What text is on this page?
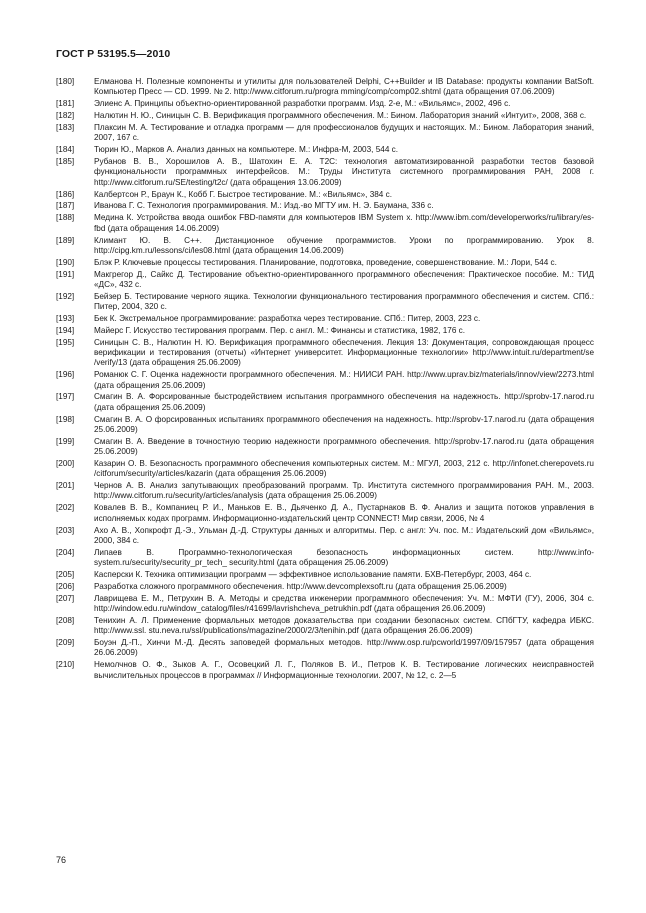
ГОСТ Р 53195.5—2010
[180]	Елманова Н. Полезные компоненты и утилиты для пользователей Delphi, C++Builder и IB Database: продукты компании BatSoft. Компьютер Пресс — CD. 1999. № 2. http://www.citforum.ru/progra mming/comp/comp02.shtml (дата обращения 07.06.2009)
[181]	Элиенс А. Принципы объектно-ориентированной разработки программ. Изд. 2-е, М.: «Вильямс», 2002, 496 с.
[182]	Налютин Н. Ю., Синицын С. В. Верификация программного обеспечения. М.: Бином. Лаборатория знаний «Интуит», 2008, 368 с.
[183]	Плаксин М. А. Тестирование и отладка программ — для профессионалов будущих и настоящих. М.: Бином. Лаборатория знаний, 2007, 167 с.
[184]	Тюрин Ю., Марков А. Анализ данных на компьютере. М.: Инфра-М, 2003, 544 с.
[185]	Рубанов В. В., Хорошилов А. В., Шатохин Е. А. T2C: технология автоматизированной разработки тестов базовой функциональности программных интерфейсов. М.: Труды Института системного программирования РАН, 2008 г. http://www.citforum.ru/SE/testing/t2c/ (дата обращения 13.06.2009)
[186]	Калбертсон Р., Браун К., Кобб Г. Быстрое тестирование. М.: «Вильямс», 384 с.
[187]	Иванова Г. С. Технология программирования. М.: Изд.-во МГТУ им. Н. Э. Баумана, 336 с.
[188]	Медина К. Устройства ввода ошибок FBD-памяти для компьютеров IBM System x. http://www.ibm.com/developerworks/ru/library/es-fbd (дата обращения 14.06.2009)
[189]	Климант Ю. В. С++. Дистанционное обучение программистов. Уроки по программированию. Урок 8. http://cipg.km.ru/lessons/ci/les08.html (дата обращения 14.06.2009)
[190]	Блэк Р. Ключевые процессы тестирования. Планирование, подготовка, проведение, совершенствование. М.: Лори, 544 с.
[191]	Макгрегор Д., Сайкс Д. Тестирование объектно-ориентированного программного обеспечения: Практическое пособие. М.: ТИД «ДС», 432 с.
[192]	Бейзер Б. Тестирование черного ящика. Технологии функционального тестирования программного обеспечения и систем. СПб.: Питер, 2004, 320 с.
[193]	Бек К. Экстремальное программирование: разработка через тестирование. СПб.: Питер, 2003, 223 с.
[194]	Майерс Г. Искусство тестирования программ. Пер. с англ. М.: Финансы и статистика, 1982, 176 с.
[195]	Синицын С. В., Налютин Н. Ю. Верификация программного обеспечения. Лекция 13: Документация, сопровождающая процесс верификации и тестирования (отчеты) «Интернет университет. Информационные технологии» http://www.intuit.ru/department/se /verify/13 (дата обращения 25.06.2009)
[196]	Романюк С. Г. Оценка надежности программного обеспечения. М.: НИИСИ РАН. http://www.uprav.biz/materials/innov/view/2273.html (дата обращения 25.06.2009)
[197]	Смагин В. А. Форсированные быстродействием испытания программного обеспечения на надежность. http://sprobv-17.narod.ru (дата обращения 25.06.2009)
[198]	Смагин В. А. О форсированных испытаниях программного обеспечения на надежность. http://sprobv-17.narod.ru (дата обращения 25.06.2009)
[199]	Смагин В. А. Введение в точностную теорию надежности программного обеспечения. http://sprobv-17.narod.ru (дата обращения 25.06.2009)
[200]	Казарин О. В. Безопасность программного обеспечения компьютерных систем. М.: МГУЛ, 2003, 212 с. http://infonet.cherepovets.ru /citforum/security/articles/kazarin (дата обращения 25.06.2009)
[201]	Чернов А. В. Анализ запутывающих преобразований программ. Тр. Института системного программирования РАН. М., 2003. http://www.citforum.ru/security/articles/analysis (дата обращения 25.06.2009)
[202]	Ковалев В. В., Компаниец Р. И., Маньков Е. В., Дьяченко Д. А., Пустарнаков В. Ф. Анализ и защита потоков управления в исполняемых кодах программ. Информационно-издательский центр CONNECT! Мир связи, 2006, № 4
[203]	Ахо А. В., Хопкрофт Д.-Э., Ульман Д.-Д. Структуры данных и алгоритмы. Пер. с англ: Уч. пос. М.: Издательский дом «Вильямс», 2000, 384 с.
[204]	Липаев В. Программно-технологическая безопасность информационных систем. http://www.info-system.ru/security/security_pr_tech_ security.html (дата обращения 25.06.2009)
[205]	Касперски К. Техника оптимизации программ — эффективное использование памяти. БХВ-Петербург, 2003, 464 с.
[206]	Разработка сложного программного обеспечения. http://www.devcomplexsoft.ru (дата обращения 25.06.2009)
[207]	Лаврищева Е. М., Петрухин В. А. Методы и средства инженерии программного обеспечения: Уч. М.: МФТИ (ГУ), 2006, 304 с. http://window.edu.ru/window_catalog/files/r41699/lavrishcheva_petrukhin.pdf (дата обращения 26.06.2009)
[208]	Тенихин А. Л. Применение формальных методов доказательства при создании безопасных систем. СПбГТУ, кафедра ИБКС. http://www.ssl. stu.neva.ru/ssl/publications/magazine/2000/2/3/tenihin.pdf (дата обращения 26.06.2009)
[209]	Боуэн Д.-П., Хинчи М.-Д. Десять заповедей формальных методов. http://www.osp.ru/pcworld/1997/09/157957 (дата обращения 26.06.2009)
[210]	Немолчнов О. Ф., Зыков А. Г., Осовецкий Л. Г., Поляков В. И., Петров К. В. Тестирование логических неисправностей вычислительных процессов в программах // Информационные технологии. 2007, № 12, с. 2—5
76
